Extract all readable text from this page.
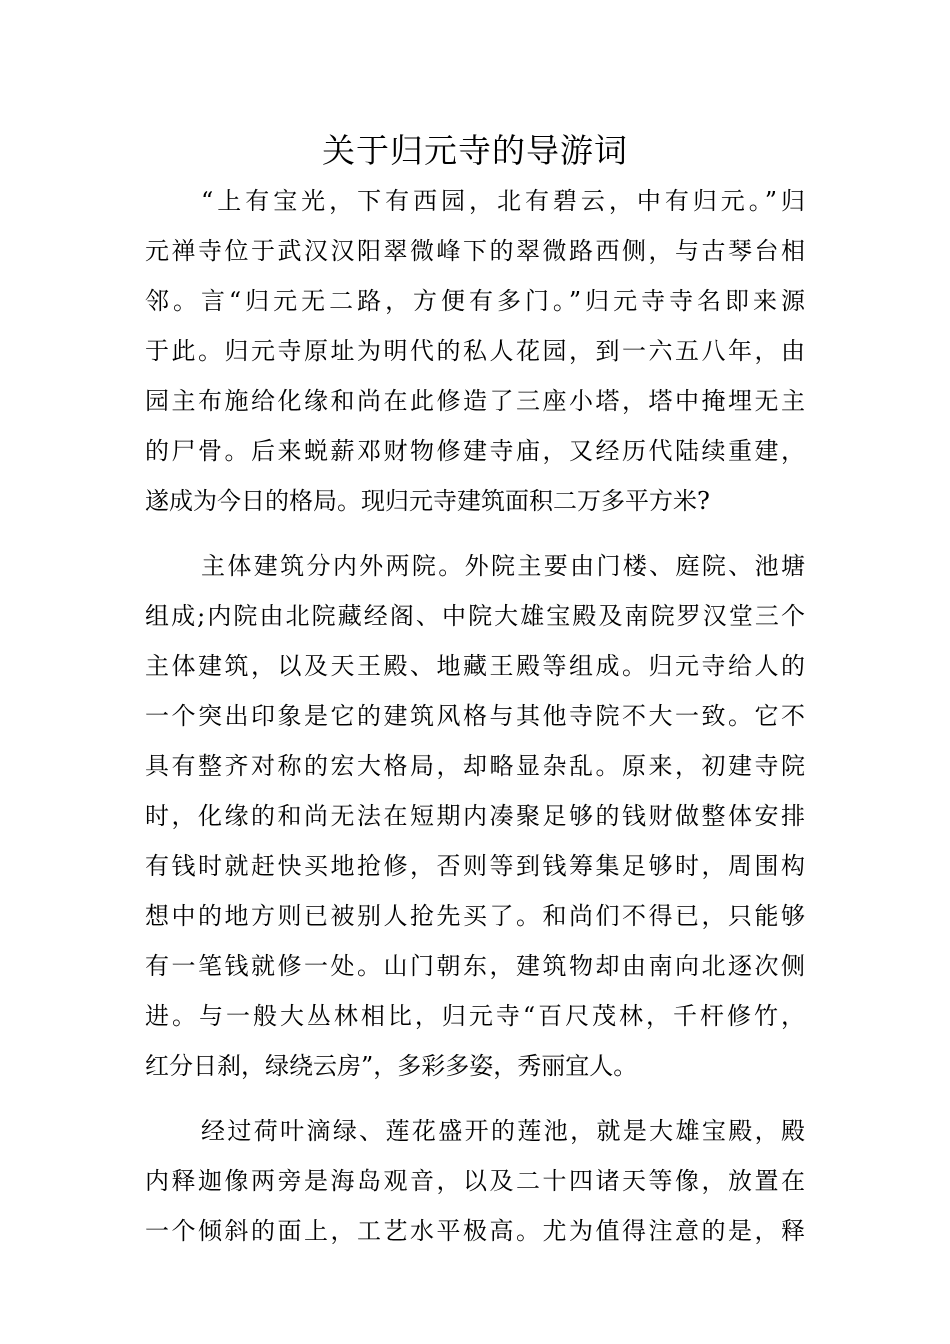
关于归元寺的导游词
“上有宝光，下有西园，北有碧云，中有归元。”归
元禅寺位于武汉汉阳翠微峰下的翠微路西侧，与古琴台相
邻。言“归元无二路，方便有多门。”归元寺寺名即来源
于此。归元寺原址为明代的私人花园，到一六五八年，由
园主布施给化缘和尚在此修造了三座小塔，塔中掩埋无主
的尸骨。后来蜕薪邓财物修建寺庙，又经历代陆续重建，
遂成为今日的格局。现归元寺建筑面积二万多平方米?
主体建筑分内外两院。外院主要由门楼、庭院、池塘
组成;内院由北院藏经阁、中院大雄宝殿及南院罗汉堂三个
主体建筑，以及天王殿、地藏王殿等组成。归元寺给人的
一个突出印象是它的建筑风格与其他寺院不大一致。它不
具有整齐对称的宏大格局，却略显杂乱。原来，初建寺院
时，化缘的和尚无法在短期内凑聚足够的钱财做整体安排
有钱时就赶快买地抢修，否则等到钱筹集足够时，周围构
想中的地方则已被别人抢先买了。和尚们不得已，只能够
有一笔钱就修一处。山门朝东，建筑物却由南向北逐次侧
进。与一般大丛林相比，归元寺“百尺茂林，千杆修竹，
红分日刹，绿绕云房”，多彩多姿，秀丽宜人。
经过荷叶滴绿、莲花盛开的莲池，就是大雄宝殿，殿
内释迦像两旁是海岛观音，以及二十四诸天等像，放置在
一个倾斜的面上，工艺水平极高。尤为值得注意的是，释
